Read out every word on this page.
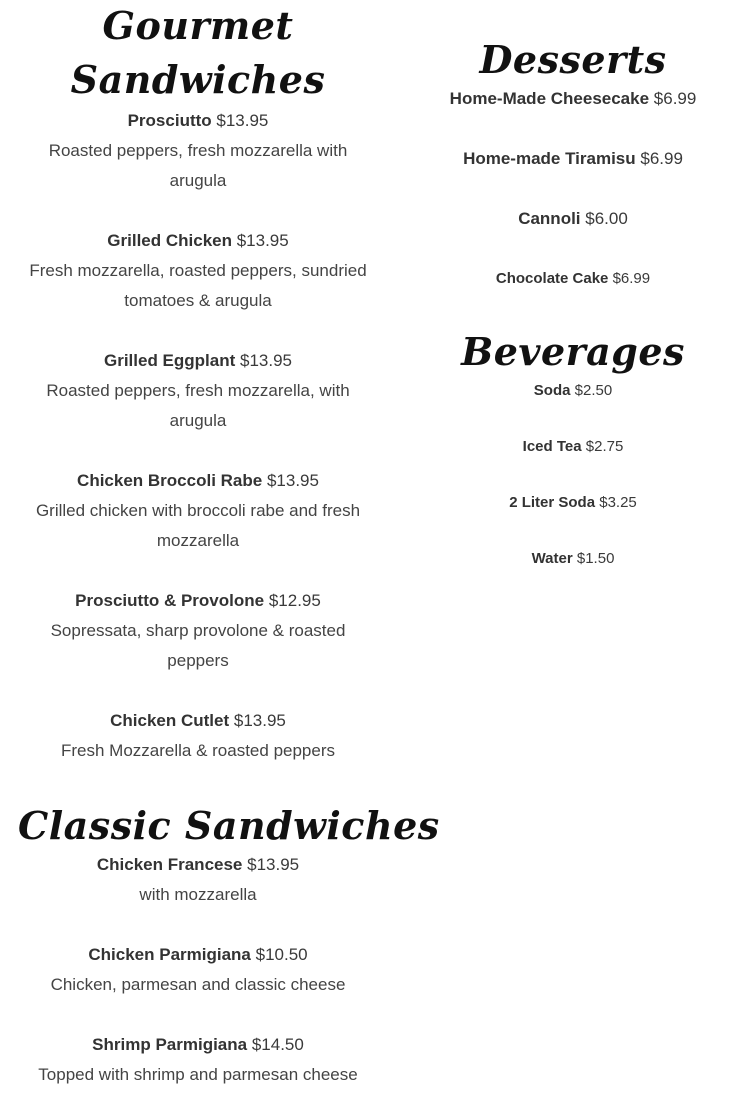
Gourmet
Sandwiches
Prosciutto $13.95
Roasted peppers, fresh mozzarella with arugula
Grilled Chicken $13.95
Fresh mozzarella, roasted peppers, sundried tomatoes & arugula
Grilled Eggplant $13.95
Roasted peppers, fresh mozzarella, with arugula
Chicken Broccoli Rabe $13.95
Grilled chicken with broccoli rabe and fresh mozzarella
Prosciutto & Provolone $12.95
Sopressata, sharp provolone & roasted peppers
Chicken Cutlet $13.95
Fresh Mozzarella & roasted peppers
Classic Sandwiches
Chicken Francese $13.95
with mozzarella
Chicken Parmigiana $10.50
Chicken, parmesan and classic cheese
Shrimp Parmigiana $14.50
Topped with shrimp and parmesan cheese
Desserts
Home-Made Cheesecake $6.99
Home-made Tiramisu $6.99
Cannoli $6.00
Chocolate Cake $6.99
Beverages
Soda $2.50
Iced Tea $2.75
2 Liter Soda $3.25
Water $1.50
